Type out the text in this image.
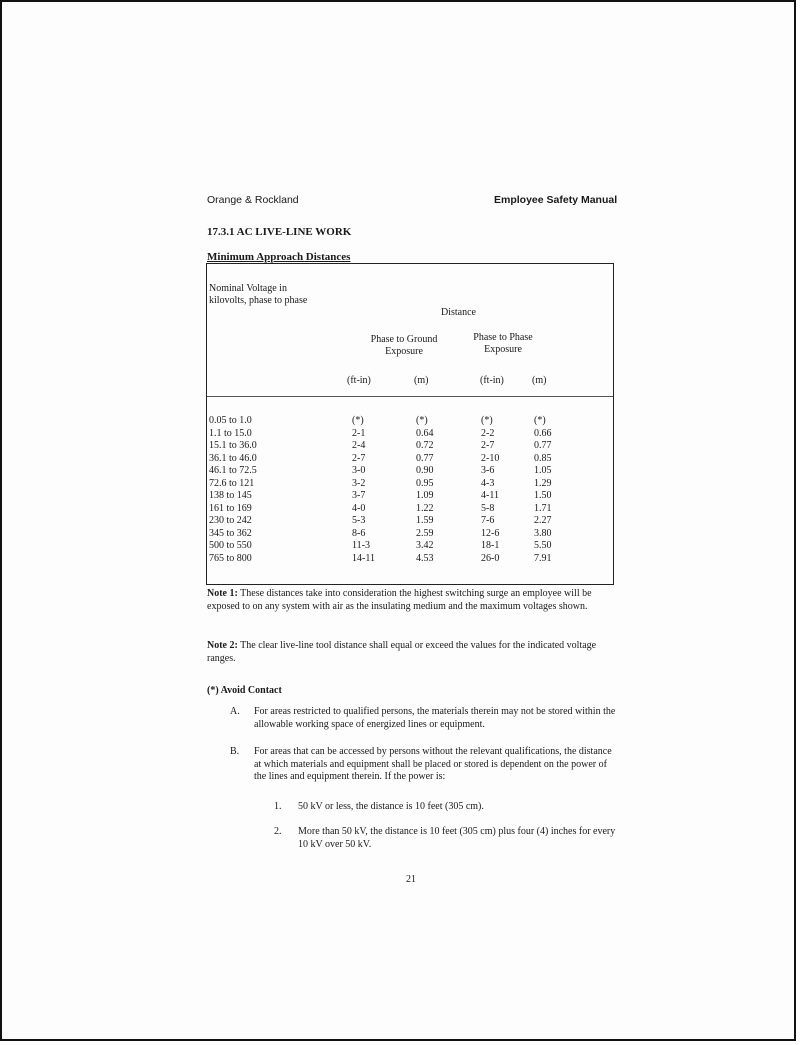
Orange & Rockland	Employee Safety Manual
17.3.1 AC LIVE-LINE WORK
Minimum Approach Distances
Nominal Voltage in kilovolts, phase to phase
Distance
Phase to Ground Exposure
Phase to Phase Exposure
(ft-in)	(m)	(ft-in)	(m)
0.05 to 1.0	(*)	(*)	(*)	(*)
1.1 to 15.0	2-1	0.64	2-2	0.66
15.1 to 36.0	2-4	0.72	2-7	0.77
36.1 to 46.0	2-7	0.77	2-10	0.85
46.1 to 72.5	3-0	0.90	3-6	1.05
72.6 to 121	3-2	0.95	4-3	1.29
138 to 145	3-7	1.09	4-11	1.50
161 to 169	4-0	1.22	5-8	1.71
230 to 242	5-3	1.59	7-6	2.27
345 to 362	8-6	2.59	12-6	3.80
500 to 550	11-3	3.42	18-1	5.50
765 to 800	14-11	4.53	26-0	7.91
Note 1: These distances take into consideration the highest switching surge an employee will be exposed to on any system with air as the insulating medium and the maximum voltages shown.
Note 2: The clear live-line tool distance shall equal or exceed the values for the indicated voltage ranges.
(*) Avoid Contact
A. For areas restricted to qualified persons, the materials therein may not be stored within the allowable working space of energized lines or equipment.
B. For areas that can be accessed by persons without the relevant qualifications, the distance at which materials and equipment shall be placed or stored is dependent on the power of the lines and equipment therein. If the power is:
1. 50 kV or less, the distance is 10 feet (305 cm).
2. More than 50 kV, the distance is 10 feet (305 cm) plus four (4) inches for every 10 kV over 50 kV.
21
